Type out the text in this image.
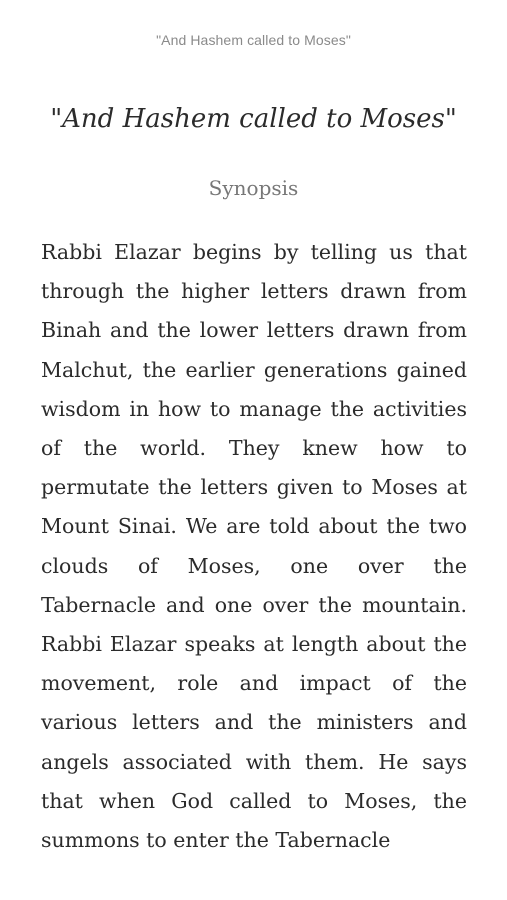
"And Hashem called to Moses"
"And Hashem called to Moses"
Synopsis

Rabbi Elazar begins by telling us that through the higher letters drawn from Binah and the lower letters drawn from Malchut, the earlier generations gained wisdom in how to manage the activities of the world. They knew how to permutate the letters given to Moses at Mount Sinai. We are told about the two clouds of Moses, one over the Tabernacle and one over the mountain. Rabbi Elazar speaks at length about the movement, role and impact of the various letters and the ministers and angels associated with them. He says that when God called to Moses, the summons to enter the Tabernacle
